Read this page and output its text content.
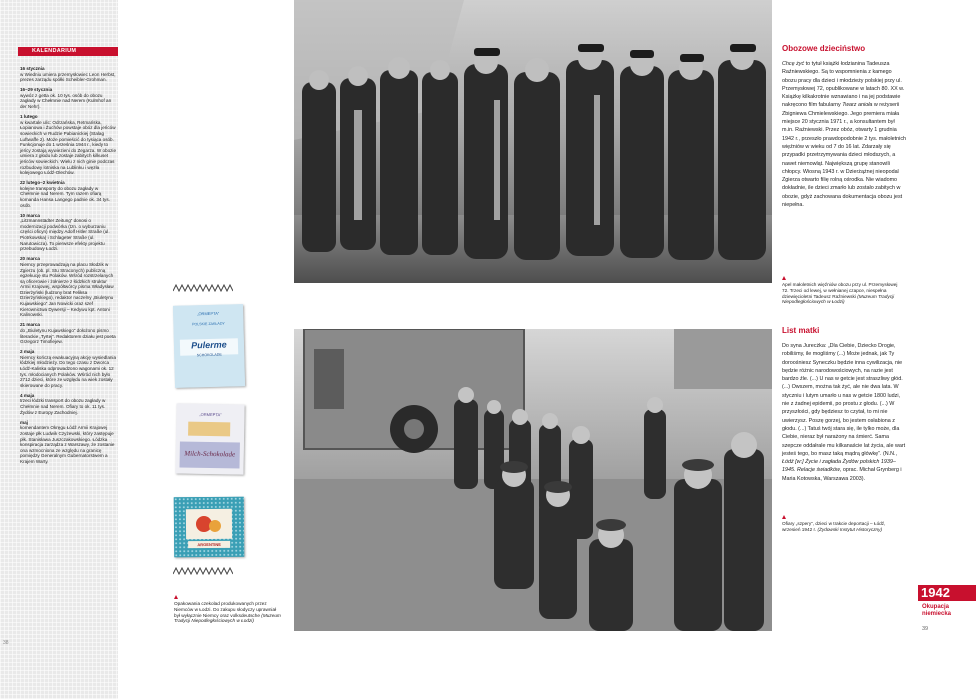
KALENDARIUM
16 stycznia
w Wiedniu umiera przemysłowiec Leon Herbst, prezes zarządu spółki Scheibler-Grohman.
16–29 stycznia
wywóz z getta ok. 10 tys. osób do obozu zagłady w Chełmnie nad Nerem (Kulmhof an der Nehr).
1 lutego
w kwartale ulic: Odrzańska, Retmańska, Łopianowa i Żuchów powstaje obóz dla jeńców sowieckich w Rudzie Pabianickiej (Stalag Luftwaffe 2). Może pomieścić do tysiąca osób. Funkcjonuje do 1 września 1944 r., kiedy to jeńcy zostają wywiezieni do Zegarza. W obozie umiera z głodu lub zostaje zabitych kilkuset jeńców sowieckich. Wielu z nich ginie podczas rozbudowy lotniska na Lublinku i węzła kolejowego Łódź-Olechów.
22 lutego–2 kwietnia
kolejne transporty do obozu zagłady w Chełmnie nad Nerem. Tym razem ofiarą komanda Hansa Langego padnie ok. 34 tys. osób.
10 marca
„Litzmannstädter Zeitung” donosi o modernizacji podwórka (tzn. o wyburzaniu części oficyn) między Adolf Hitler Straße (ul. Piotrkowska) i Schlageter Straße (ul. Narutowicza). To pierwsze efekty projektu przebudowy Łodzi.
20 marca
Niemcy przeprowadzają na placu Słodzik w Zgierzu (ob. pl. Stu Straconych) publiczną egzekucję stu Polaków. Wśród rozstrzelanych są oficerowie i żołnierze z łódzkich struktur Armii Krajowej, współtwórcy pisma Władysław Dzierżyński (ludzony brat Feliksa Dzierżyńskiego), redaktor naczelny „Biuletynu Kujawskiego” Jan Nowicki oraz szef Kierownictwa Dywersji – Kedywu kpt. Antoni Kalinowski.
21 marca
do „Biuletynu Kujawskiego” dołożono pismo literackie „Tyrtej”. Redaktorem działu jest poeta Grzegorz Timofiejew.
2 maja
Niemcy kończą ewakuacyjną akcję wysiedlania łódzkiej młodzieży. Do tego czasu z Dworca Łódź-Kaliska odprowadzono wagonami ok. 12 tys. młodocianych Polaków. Wśród nich było 2712 dzieci, które ze względu na wiek zostały skierowane do pracy.
4 maja
trzeci łódzki transport do obozu zagłady w Chełmnie nad Nerem. Ofiary to ok. 11 tys. Żydów z Europy Zachodniej.
maj
komendantem Okręgu Łódź Armii Krajowej zostaje płk Ludwik Czyżewski, który zastępuje płk. Stanisława Juszczakowskiego. Łódzka konspiracja zarządza z Warszawy, że zostanie ona wzmocniona ze względu na granicę pomiędzy Generalnym Gubernatorstwem a Krajem Warty.
38
„ORMEPTA”
POLSKIE ZAKŁADY
Pulerme
SCHOKOLADE
„ORMEPTA”
Milch-Schokolade
ARGENTINE
Opakowania czekolad produkowanych przez Niemców w Łodzi. Do zakupu słodyczy uprawniał był wyłącznie Niemcy oraz volksdeutsche (Muzeum Tradycji Niepodległościowych w Łodzi)
Obozowe dzieciństwo

Chcę żyć to tytuł książki łodzianina Tadeusza Raźniewskiego. Są to wspomnienia z kamego obozu pracy dla dzieci i młodzieży polskiej przy ul. Przemysłowej 72, opublikowane w latach 80. XX w. Książkę kilkakrotnie wznawiano i na jej podstawie nakręcono film fabularny Twarz anioła w reżyserii Zbigniewa Chmielewskiego. Jego premiera miała miejsce 20 stycznia 1971 r., a konsultantem był m.in. Raźniewski. Przez obóz, otwarty 1 grudnia 1942 r., przeszło prawdopodobnie 2 tys. małoletnich więźniów w wieku od 7 do 16 lat. Zdarzały się przypadki przetrzymywania dzieci młodszych, a nawet niemowląt. Największą grupę stanowili chłopcy. Wiosną 1943 r. w Dzierżążnej nieopodal Zgierza otwarto filię rolną ośrodka. Nie wiadomo dokładnie, ile dzieci zmarło lub zostało zabitych w obozie, gdyż zachowana dokumentacja obozu jest niepełna.

Apel małoletnich więźniów obozu przy ul. Przemysłowej 72. Trzeci od lewej, w wełnianej czapce, niespełna dziewięcioletni Tadeusz Raźniewski (Muzeum Tradycji Niepodległościowych w Łodzi)
List matki

Do syna Jurecżka: „Dla Ciebie, Dziecko Drogie, robiliśmy, ile mogliśmy (...) Może jednak, jak Ty doroośniesz Syneczku będzie inna cywilizacja, nie będzie różnic narodowościowych, na razie jest bardzo źle. (...) U nas w getcie jest straszliwy głód. (...) Owszem, można tak żyć, ale nie dwa lata. W styczniu i lutym umarło u nas w getcie 1800 ludzi, nie z żadnej epidemii, po prostu z głodu. (...) W przyszłości, gdy będziesz to czytał, to mi nie uwierzysz. Poszę gorzej, bo jestem osłabiona z głodu. (...) Tatuś twój stara się, ile tylko może, dla Ciebie, nieraz był narażony na śmierć. Sama szepcze oddałrale mu kilkanaście lat życia, ale wart jesteś tego, bo masz taką mądrą główkę”. (N.N., Łódź [w:] Życie i zagłada Żydów polskich 1939–1945. Relacje świadków, oprac. Michał Grynberg i Maria Kotowska, Warszawa 2003).

Ofiary „szpery”, dzieci w trakcie deportacji – Łódź, wrzesień 1942 r. (Żydowski Instytut Historyczny)
1942
Okupacja
niemiecka
39
